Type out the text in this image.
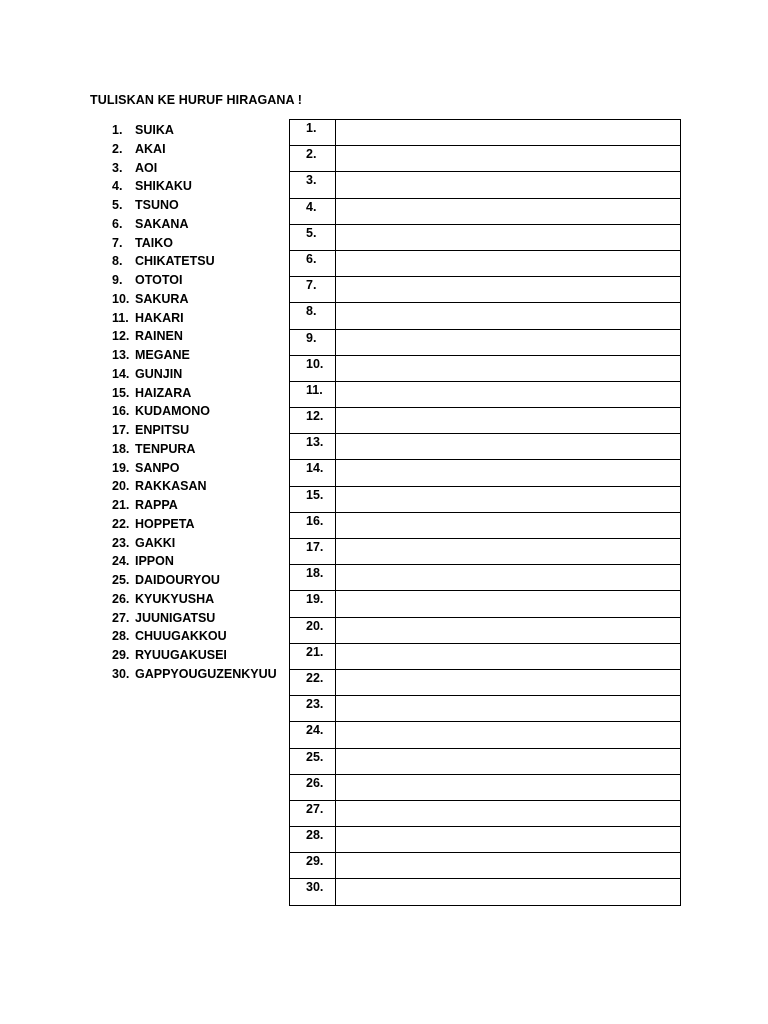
TULISKAN KE HURUF HIRAGANA !
1.	SUIKA
2.	AKAI
3.	AOI
4.	SHIKAKU
5.	TSUNO
6.	SAKANA
7.	TAIKO
8.	CHIKATETSU
9.	OTOTOI
10. SAKURA
11. HAKARI
12. RAINEN
13. MEGANE
14. GUNJIN
15. HAIZARA
16. KUDAMONO
17. ENPITSU
18. TENPURA
19. SANPO
20. RAKKASAN
21. RAPPA
22. HOPPETA
23. GAKKI
24. IPPON
25. DAIDOURYOU
26. KYUKYUSHA
27. JUUNIGATSU
28. CHUUGAKKOU
29. RYUUGAKUSEI
30. GAPPYOUGUZENKYUU
1.	
2.	
3.	
4.	
5.	
6.	
7.	
8.	
9.	
10.	
11.	
12.	
13.	
14.	
15.	
16.	
17.	
18.	
19.	
20.	
21.	
22.	
23.	
24.	
25.	
26.	
27.	
28.	
29.	
30.	
